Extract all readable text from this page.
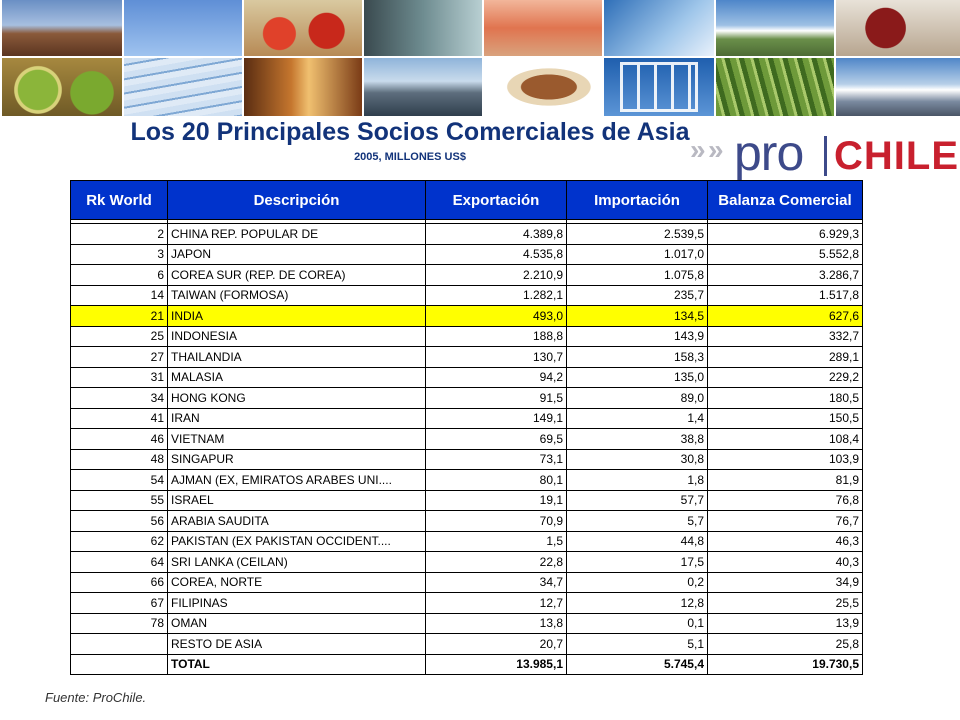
Los 20 Principales Socios Comerciales de Asia
2005, MILLONES US$	» » pro CHILE
Rk World	Descripción	Exportación	Importación	Balanza Comercial

2	CHINA REP. POPULAR DE	4.389,8	2.539,5	6.929,3
3	JAPON	4.535,8	1.017,0	5.552,8
6	COREA SUR (REP. DE COREA)	2.210,9	1.075,8	3.286,7
14	TAIWAN (FORMOSA)	1.282,1	235,7	1.517,8
21	INDIA	493,0	134,5	627,6
25	INDONESIA	188,8	143,9	332,7
27	THAILANDIA	130,7	158,3	289,1
31	MALASIA	94,2	135,0	229,2
34	HONG KONG	91,5	89,0	180,5
41	IRAN	149,1	1,4	150,5
46	VIETNAM	69,5	38,8	108,4
48	SINGAPUR	73,1	30,8	103,9
54	AJMAN (EX, EMIRATOS ARABES UNI....	80,1	1,8	81,9
55	ISRAEL	19,1	57,7	76,8
56	ARABIA SAUDITA	70,9	5,7	76,7
62	PAKISTAN (EX PAKISTAN OCCIDENT....	1,5	44,8	46,3
64	SRI LANKA (CEILAN)	22,8	17,5	40,3
66	COREA, NORTE	34,7	0,2	34,9
67	FILIPINAS	12,7	12,8	25,5
78	OMAN	13,8	0,1	13,9
	RESTO DE ASIA	20,7	5,1	25,8
	TOTAL	13.985,1	5.745,4	19.730,5
Fuente: ProChile.
